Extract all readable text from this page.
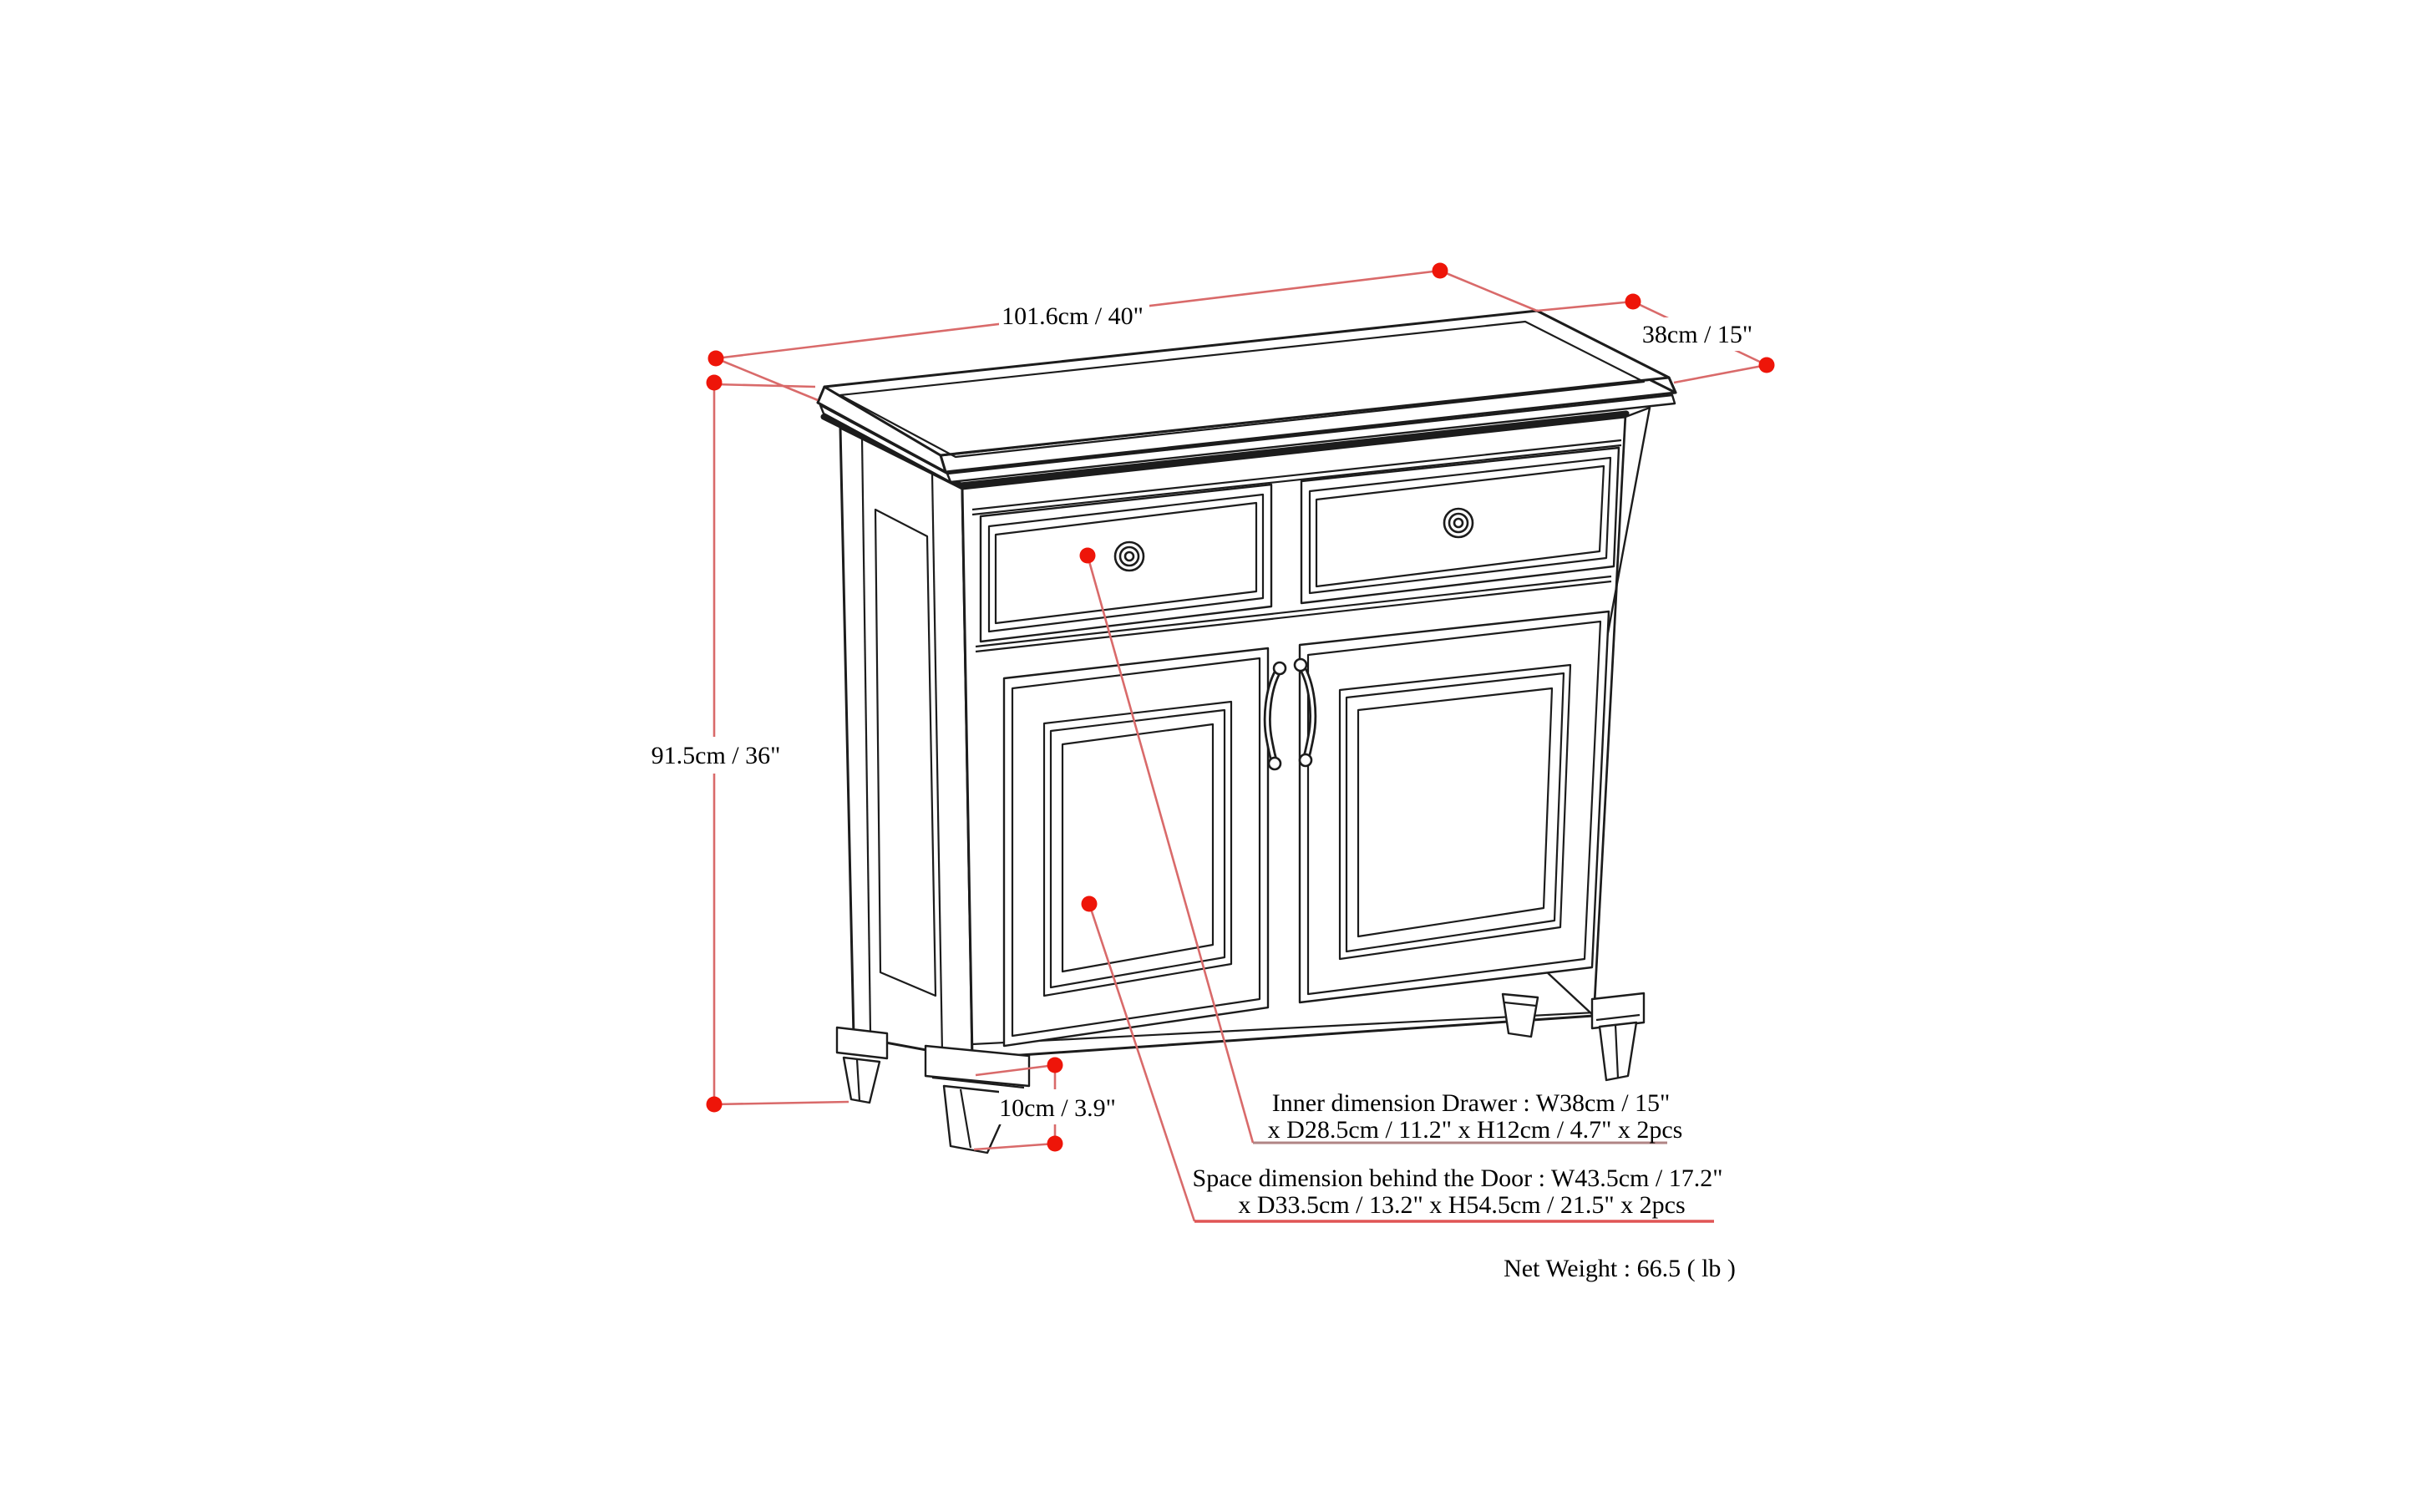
101.6cm / 40"
38cm / 15"
91.5cm / 36"
10cm / 3.9"	Inner dimension Drawer : W38cm / 15"
x D28.5cm / 11.2" x H12cm / 4.7" x 2pcs
Space dimension behind the Door : W43.5cm / 17.2"
x D33.5cm / 13.2" x H54.5cm / 21.5" x 2pcs
Net Weight : 66.5 ( lb )
